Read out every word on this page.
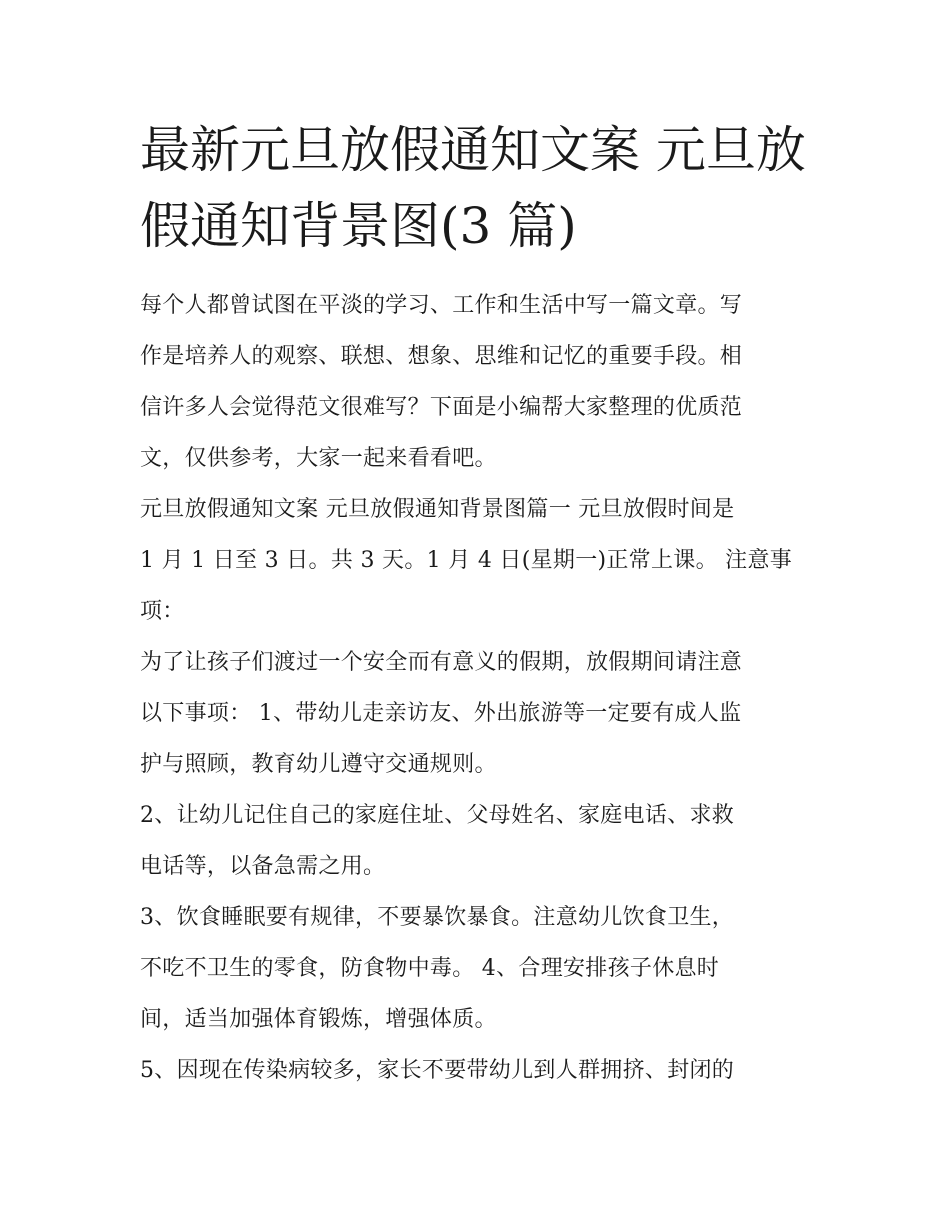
最新元旦放假通知文案 元旦放
假通知背景图(3 篇)

每个人都曾试图在平淡的学习、工作和生活中写一篇文章。写
作是培养人的观察、联想、想象、思维和记忆的重要手段。相
信许多人会觉得范文很难写？下面是小编帮大家整理的优质范
文，仅供参考，大家一起来看看吧。

元旦放假通知文案 元旦放假通知背景图篇一 元旦放假时间是
1 月 1 日至 3 日。共 3 天。1 月 4 日(星期一)正常上课。 注意事
项：

为了让孩子们渡过一个安全而有意义的假期，放假期间请注意
以下事项： 1、带幼儿走亲访友、外出旅游等一定要有成人监
护与照顾，教育幼儿遵守交通规则。

2、让幼儿记住自己的家庭住址、父母姓名、家庭电话、求救
电话等，以备急需之用。

3、饮食睡眠要有规律，不要暴饮暴食。注意幼儿饮食卫生，
不吃不卫生的零食，防食物中毒。 4、合理安排孩子休息时
间，适当加强体育锻炼，增强体质。

5、因现在传染病较多，家长不要带幼儿到人群拥挤、封闭的
